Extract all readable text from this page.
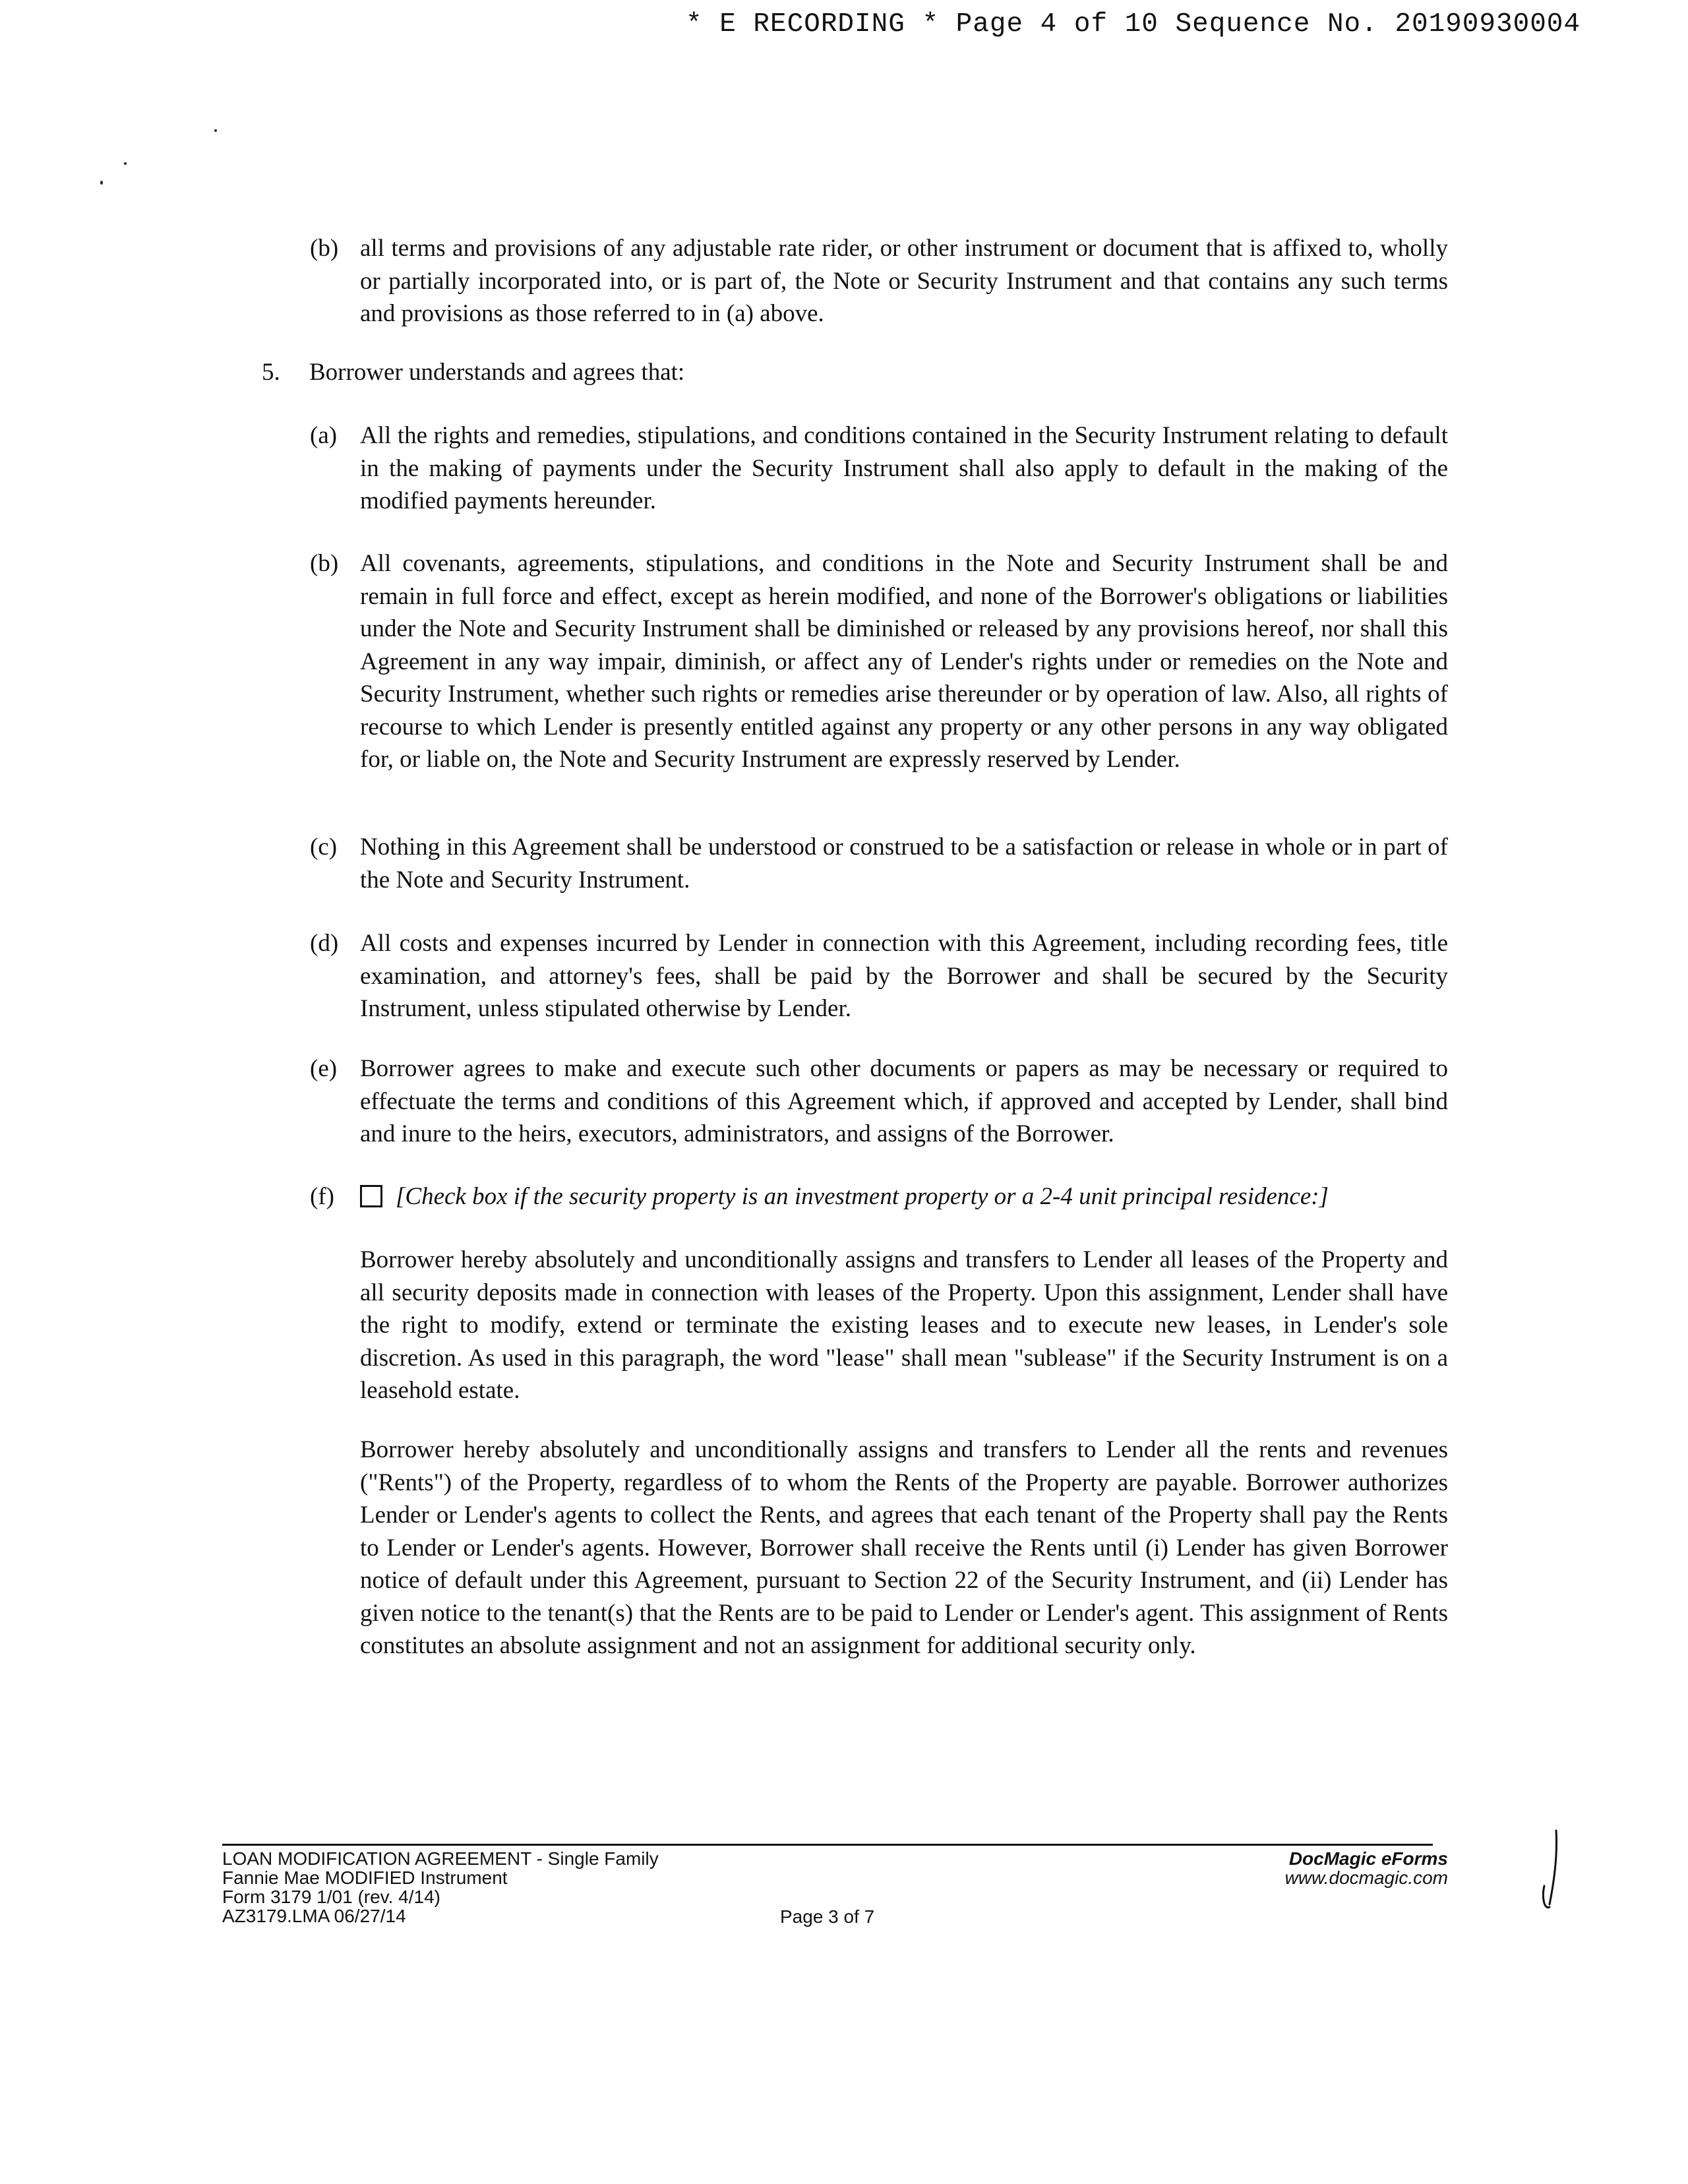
* E RECORDING * Page 4 of 10 Sequence No. 20190930004
(b) all terms and provisions of any adjustable rate rider, or other instrument or document that is affixed to, wholly or partially incorporated into, or is part of, the Note or Security Instrument and that contains any such terms and provisions as those referred to in (a) above.
5. Borrower understands and agrees that:
(a) All the rights and remedies, stipulations, and conditions contained in the Security Instrument relating to default in the making of payments under the Security Instrument shall also apply to default in the making of the modified payments hereunder.
(b) All covenants, agreements, stipulations, and conditions in the Note and Security Instrument shall be and remain in full force and effect, except as herein modified, and none of the Borrower's obligations or liabilities under the Note and Security Instrument shall be diminished or released by any provisions hereof, nor shall this Agreement in any way impair, diminish, or affect any of Lender's rights under or remedies on the Note and Security Instrument, whether such rights or remedies arise thereunder or by operation of law. Also, all rights of recourse to which Lender is presently entitled against any property or any other persons in any way obligated for, or liable on, the Note and Security Instrument are expressly reserved by Lender.
(c) Nothing in this Agreement shall be understood or construed to be a satisfaction or release in whole or in part of the Note and Security Instrument.
(d) All costs and expenses incurred by Lender in connection with this Agreement, including recording fees, title examination, and attorney's fees, shall be paid by the Borrower and shall be secured by the Security Instrument, unless stipulated otherwise by Lender.
(e) Borrower agrees to make and execute such other documents or papers as may be necessary or required to effectuate the terms and conditions of this Agreement which, if approved and accepted by Lender, shall bind and inure to the heirs, executors, administrators, and assigns of the Borrower.
(f)	[Check box if the security property is an investment property or a 2-4 unit principal residence:]
Borrower hereby absolutely and unconditionally assigns and transfers to Lender all leases of the Property and all security deposits made in connection with leases of the Property. Upon this assignment, Lender shall have the right to modify, extend or terminate the existing leases and to execute new leases, in Lender's sole discretion. As used in this paragraph, the word "lease" shall mean "sublease" if the Security Instrument is on a leasehold estate.
Borrower hereby absolutely and unconditionally assigns and transfers to Lender all the rents and revenues ("Rents") of the Property, regardless of to whom the Rents of the Property are payable. Borrower authorizes Lender or Lender's agents to collect the Rents, and agrees that each tenant of the Property shall pay the Rents to Lender or Lender's agents. However, Borrower shall receive the Rents until (i) Lender has given Borrower notice of default under this Agreement, pursuant to Section 22 of the Security Instrument, and (ii) Lender has given notice to the tenant(s) that the Rents are to be paid to Lender or Lender's agent. This assignment of Rents constitutes an absolute assignment and not an assignment for additional security only.
LOAN MODIFICATION AGREEMENT - Single Family
Fannie Mae MODIFIED Instrument
Form 3179 1/01 (rev. 4/14)
AZ3179.LMA 06/27/14	Page 3 of 7
DocMagic eForms
www.docmagic.com
